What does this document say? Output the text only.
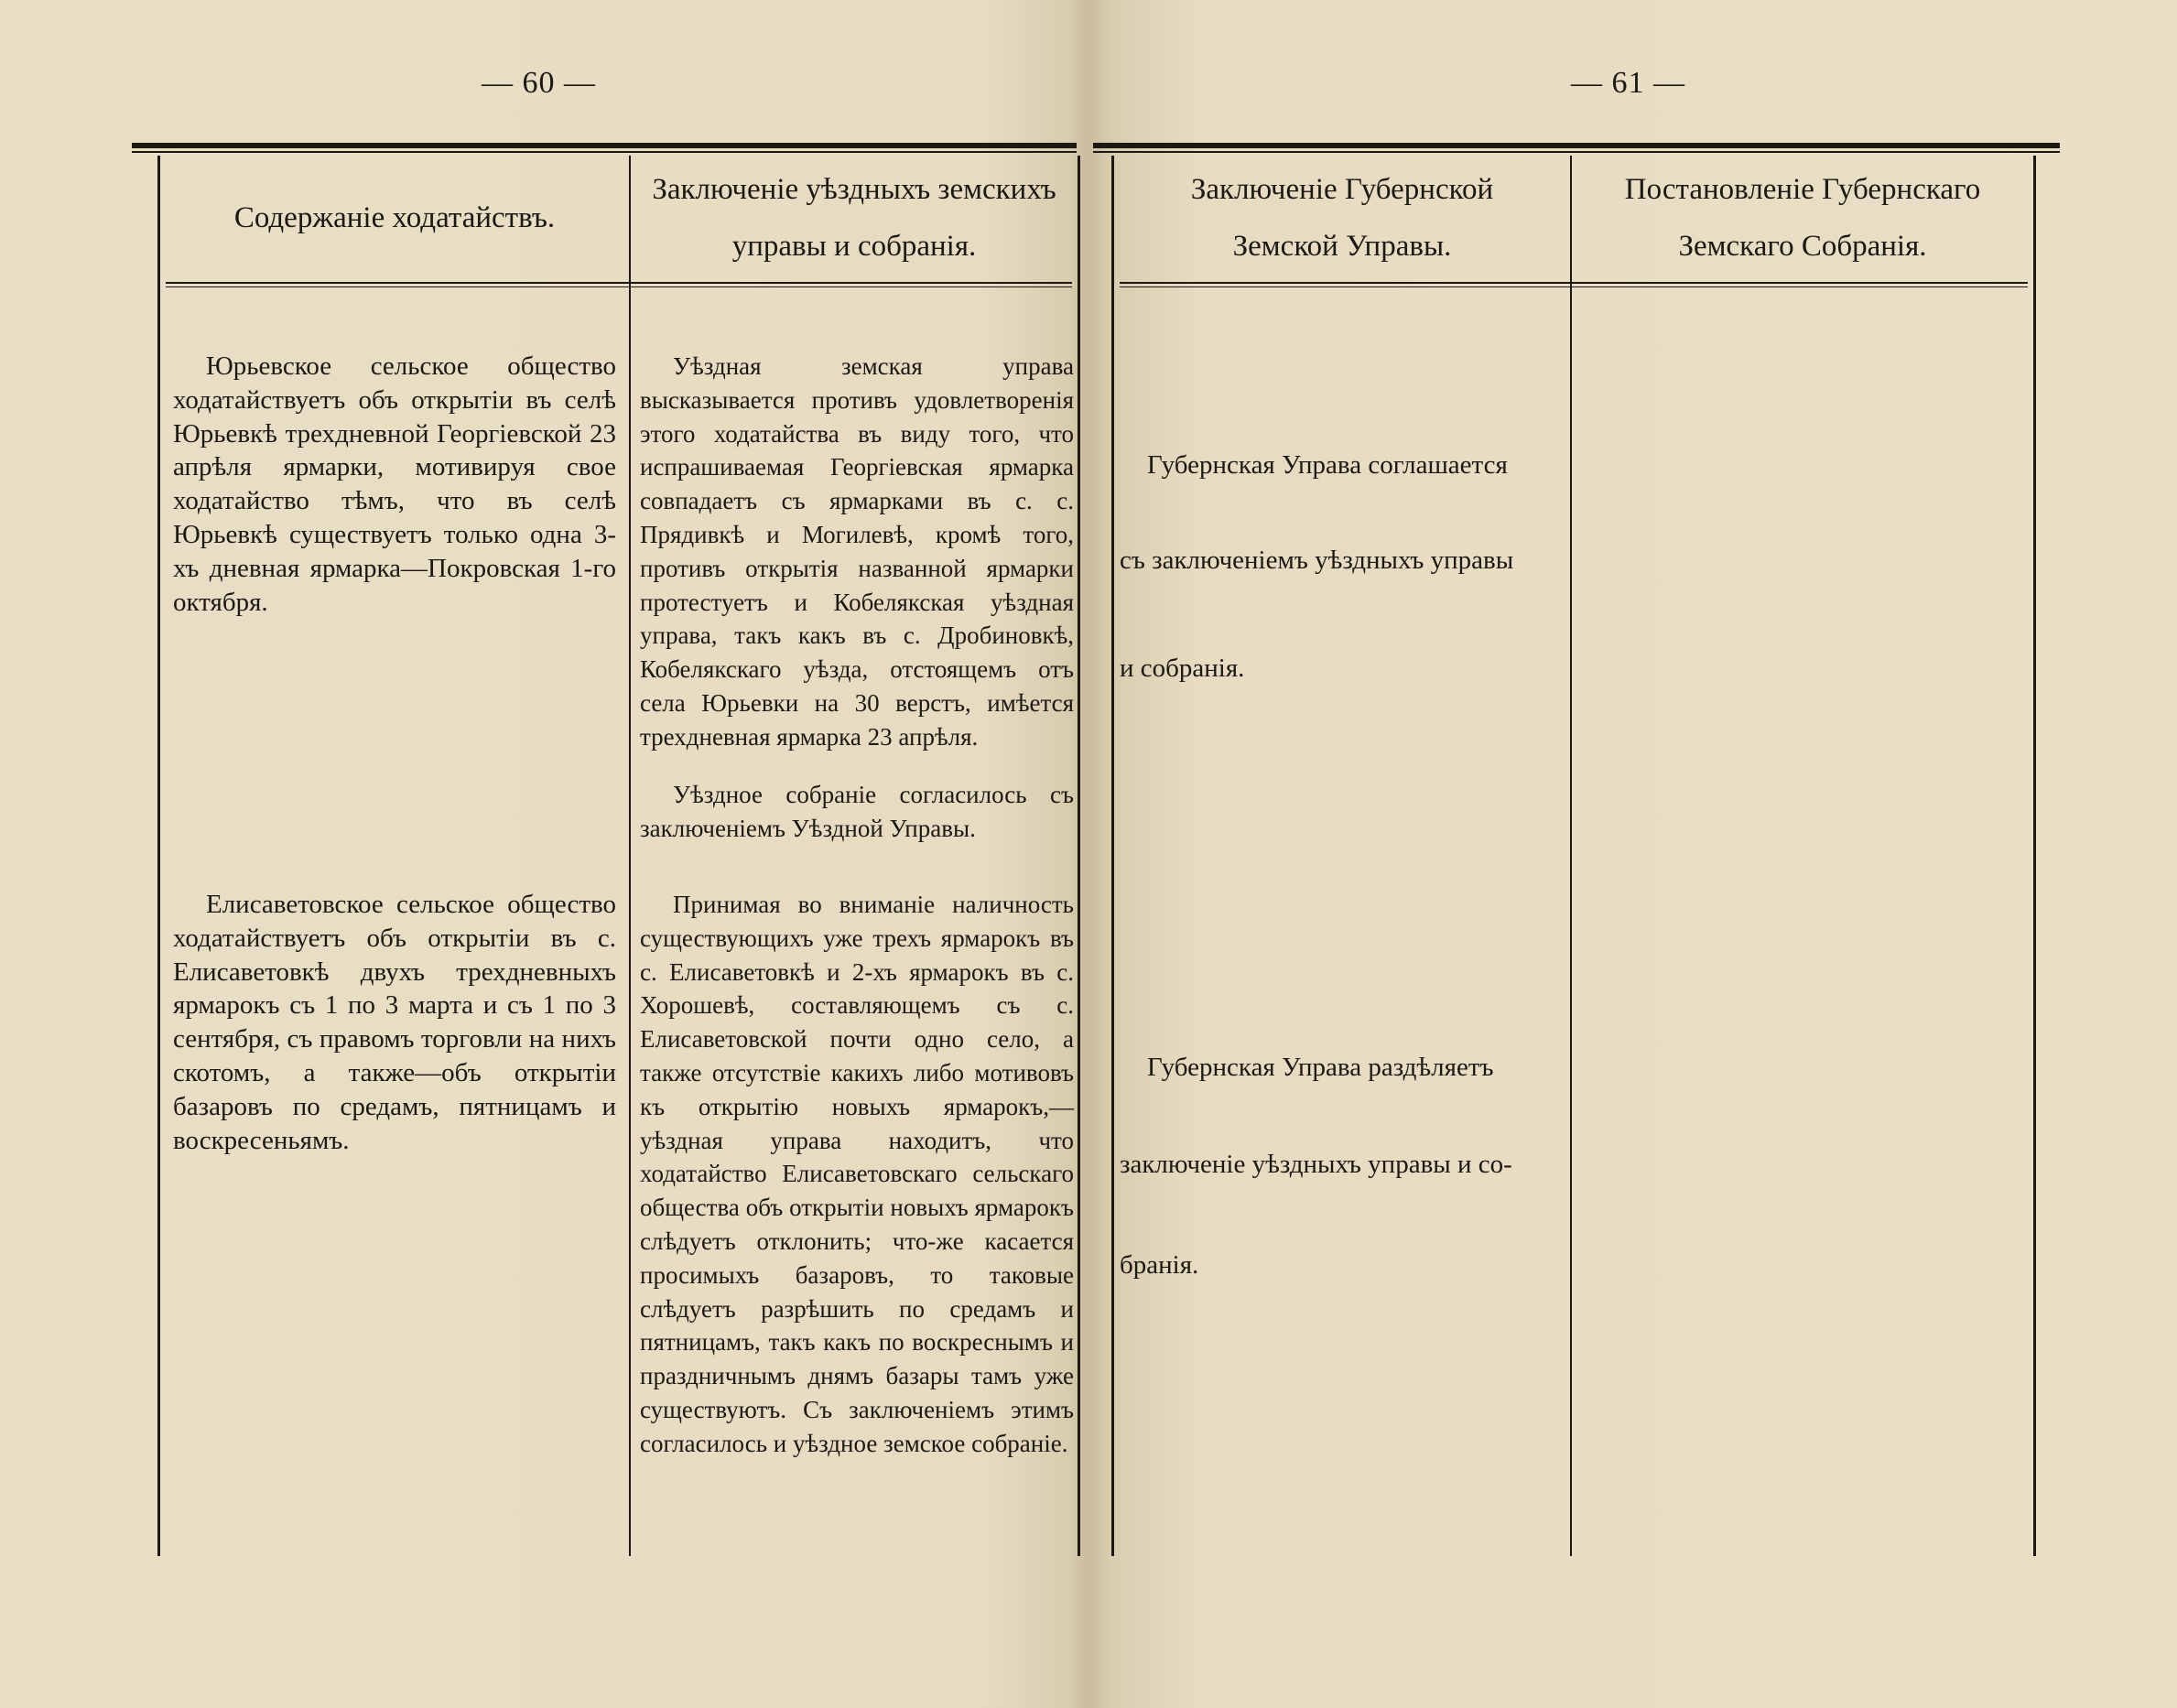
— 60 —
Содержаніе ходатайствъ.
Заключеніе уѣздныхъ земскихъ управы и собранія.

Юрьевское сельское общество ходатайствуетъ объ открытіи въ селѣ Юрьевкѣ трехдневной Георгіевской 23 апрѣля ярмарки, мотивируя свое ходатайство тѣмъ, что въ селѣ Юрьевкѣ существуетъ только одна 3-хъ дневная ярмарка—Покровская 1-го октября.

Уѣздная земская управа высказывается противъ удовлетворенія этого ходатайства въ виду того, что испрашиваемая Георгіевская ярмарка совпадаетъ съ ярмарками въ с. с. Прядивкѣ и Могилевѣ, кромѣ того, противъ открытія названной ярмарки протестуетъ и Кобелякская уѣздная управа, такъ какъ въ с. Дробиновкѣ, Кобелякскаго уѣзда, отстоящемъ отъ села Юрьевки на 30 верстъ, имѣется трехдневная ярмарка 23 апрѣля.

Уѣздное собраніе согласилось съ заключеніемъ Уѣздной Управы.

Елисаветовское сельское общество ходатайствуетъ объ открытіи въ с. Елисаветовкѣ двухъ трехдневныхъ ярмарокъ съ 1 по 3 марта и съ 1 по 3 сентября, съ правомъ торговли на нихъ скотомъ, а также—объ открытіи базаровъ по средамъ, пятницамъ и воскресеньямъ.

Принимая во вниманіе наличность существующихъ уже трехъ ярмарокъ въ с. Елисаветовкѣ и 2-хъ ярмарокъ въ с. Хорошевѣ, составляющемъ съ с. Елисаветовской почти одно село, а также отсутствіе какихъ либо мотивовъ къ открытію новыхъ ярмарокъ,—уѣздная управа находитъ, что ходатайство Елисаветовскаго сельскаго общества объ открытіи новыхъ ярмарокъ слѣдуетъ отклонить; что-же касается просимыхъ базаровъ, то таковые слѣдуетъ разрѣшить по средамъ и пятницамъ, такъ какъ по воскреснымъ и праздничнымъ днямъ базары тамъ уже существуютъ. Съ заключеніемъ этимъ согласилось и уѣздное земское собраніе.

— 61 —
Заключеніе Губернской Земской Управы.
Постановленіе Губернскаго Земскаго Собранія.
Губернская Управа соглашается
съ заключеніемъ уѣздныхъ управы
и собранія.
Губернская Управа раздѣляетъ
заключеніе уѣздныхъ управы и со-
бранія.
